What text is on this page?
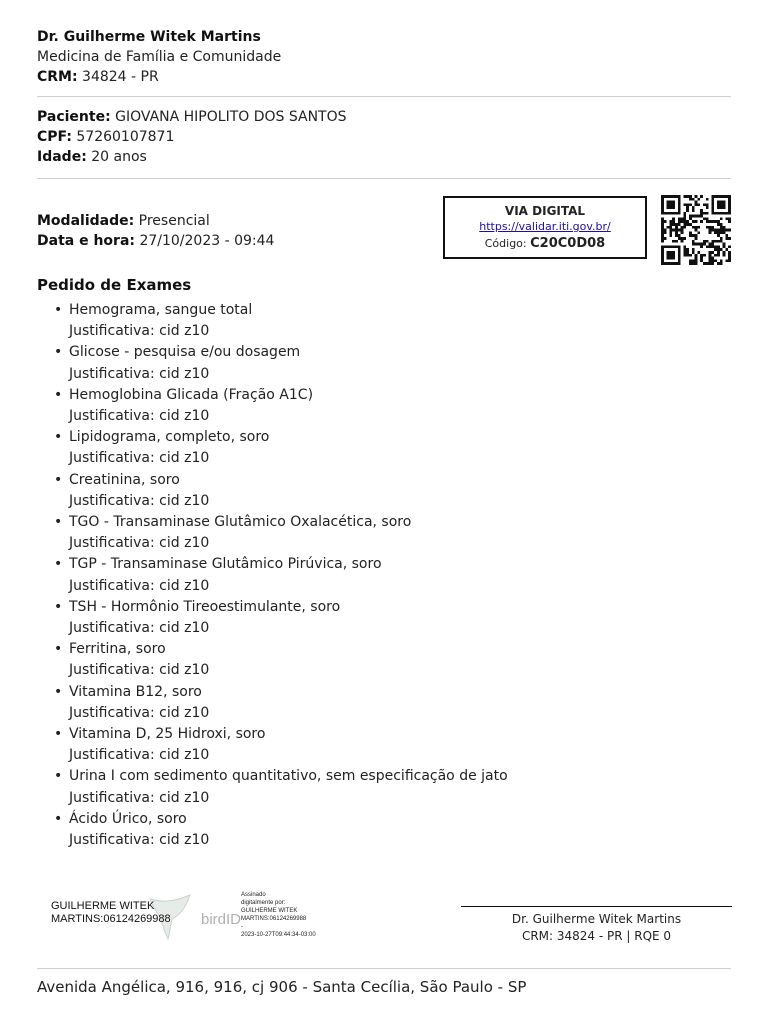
Dr. Guilherme Witek Martins
Medicina de Família e Comunidade
CRM: 34824 - PR
Paciente: GIOVANA HIPOLITO DOS SANTOS
CPF: 57260107871
Idade: 20 anos
Modalidade: Presencial
Data e hora: 27/10/2023 - 09:44
VIA DIGITAL
https://validar.iti.gov.br/
Código: C20C0D08
Pedido de Exames
• Hemograma, sangue total
Justificativa: cid z10
• Glicose - pesquisa e/ou dosagem
Justificativa: cid z10
• Hemoglobina Glicada (Fração A1C)
Justificativa: cid z10
• Lipidograma, completo, soro
Justificativa: cid z10
• Creatinina, soro
Justificativa: cid z10
• TGO - Transaminase Glutâmico Oxalacética, soro
Justificativa: cid z10
• TGP - Transaminase Glutâmico Pirúvica, soro
Justificativa: cid z10
• TSH - Hormônio Tireoestimulante, soro
Justificativa: cid z10
• Ferritina, soro
Justificativa: cid z10
• Vitamina B12, soro
Justificativa: cid z10
• Vitamina D, 25 Hidroxi, soro
Justificativa: cid z10
• Urina I com sedimento quantitativo, sem especificação de jato
Justificativa: cid z10
• Ácido Úrico, soro
Justificativa: cid z10
GUILHERME WITEK
MARTINS:06124269988 birdID
Assinado
digitalmente por:
GUILHERME WITEK
MARTINS:06124269988
-
2023-10-27T09:44:34-03:00
Dr. Guilherme Witek Martins
CRM: 34824 - PR | RQE 0
Avenida Angélica, 916, 916, cj 906 - Santa Cecília, São Paulo - SP
